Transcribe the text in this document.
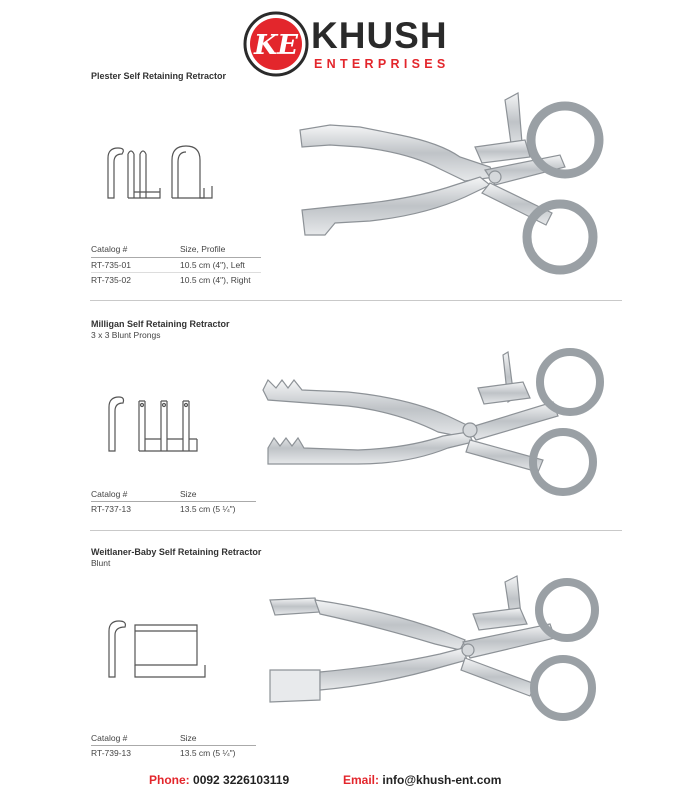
KE KHUSH
ENTERPRISES
Plester Self Retaining Retractor
Catalog #	Size, Profile
RT-735-01	10.5 cm (4"), Left
RT-735-02	10.5 cm (4"), Right
Milligan Self Retaining Retractor
3 x 3 Blunt Prongs
Catalog #	Size
RT-737-13	13.5 cm (5 ¼")
Weitlaner-Baby Self Retaining Retractor
Blunt
Catalog #	Size
RT-739-13	13.5 cm (5 ¼")
Phone: 0092 3226103119	Email: info@khush-ent.com
